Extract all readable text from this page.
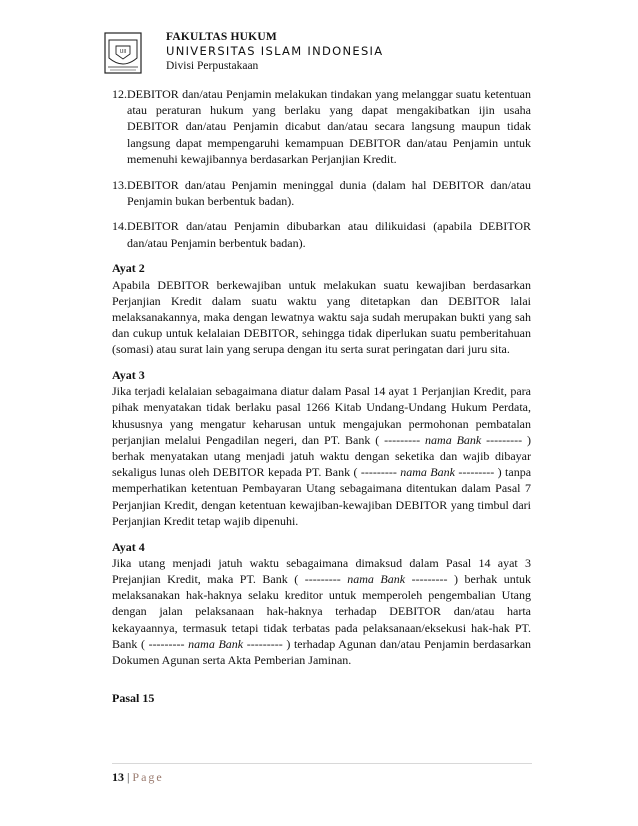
UII
FAKULTAS HUKUM
UNIVERSITAS ISLAM INDONESIA
Divisi Perpustakaan
12. DEBITOR dan/atau Penjamin melakukan tindakan yang melanggar suatu ketentuan atau peraturan hukum yang berlaku yang dapat mengakibatkan ijin usaha DEBITOR dan/atau Penjamin dicabut dan/atau secara langsung maupun tidak langsung dapat mempengaruhi kemampuan DEBITOR dan/atau Penjamin untuk memenuhi kewajibannya berdasarkan Perjanjian Kredit.
13. DEBITOR dan/atau Penjamin meninggal dunia (dalam hal DEBITOR dan/atau Penjamin bukan berbentuk badan).
14. DEBITOR dan/atau Penjamin dibubarkan atau dilikuidasi (apabila DEBITOR dan/atau Penjamin berbentuk badan).

Ayat 2

Apabila DEBITOR berkewajiban untuk melakukan suatu kewajiban berdasarkan Perjanjian Kredit dalam suatu waktu yang ditetapkan dan DEBITOR lalai melaksanakannya, maka dengan lewatnya waktu saja sudah merupakan bukti yang sah dan cukup untuk kelalaian DEBITOR, sehingga tidak diperlukan suatu pemberitahuan (somasi) atau surat lain yang serupa dengan itu serta surat peringatan dari juru sita.

Ayat 3

Jika terjadi kelalaian sebagaimana diatur dalam Pasal 14 ayat 1 Perjanjian Kredit, para pihak menyatakan tidak berlaku pasal 1266 Kitab Undang-Undang Hukum Perdata, khususnya yang mengatur keharusan untuk mengajukan permohonan pembatalan perjanjian melalui Pengadilan negeri, dan PT. Bank ( --------- nama Bank --------- ) berhak menyatakan utang menjadi jatuh waktu dengan seketika dan wajib dibayar sekaligus lunas oleh DEBITOR kepada PT. Bank ( --------- nama Bank --------- ) tanpa memperhatikan ketentuan Pembayaran Utang sebagaimana ditentukan dalam Pasal 7 Perjanjian Kredit, dengan ketentuan kewajiban-kewajiban DEBITOR yang timbul dari Perjanjian Kredit tetap wajib dipenuhi.

Ayat 4

Jika utang menjadi jatuh waktu sebagaimana dimaksud dalam Pasal 14 ayat 3 Prejanjian Kredit, maka PT. Bank ( --------- nama Bank --------- ) berhak untuk melaksanakan hak-haknya selaku kreditor untuk memperoleh pengembalian Utang dengan jalan pelaksanaan hak-haknya terhadap DEBITOR dan/atau harta kekayaannya, termasuk tetapi tidak terbatas pada pelaksanaan/eksekusi hak-hak PT. Bank ( --------- nama Bank --------- ) terhadap Agunan dan/atau Penjamin berdasarkan Dokumen Agunan serta Akta Pemberian Jaminan.

Pasal 15

13 | Page
